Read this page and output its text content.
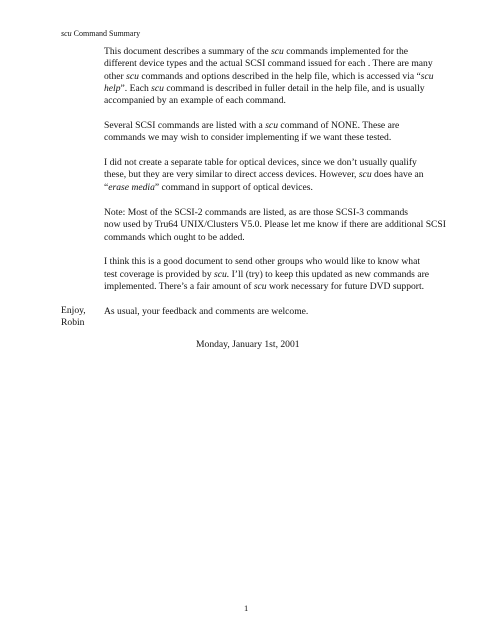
scu Command Summary

This document describes a summary of the scu commands implemented for the
different device types and the actual SCSI command issued for each . There are many
other scu commands and options described in the help file, which is accessed via “scu
help”. Each scu command is described in fuller detail in the help file, and is usually
accompanied by an example of each command.

Several SCSI commands are listed with a scu command of NONE. These are
commands we may wish to consider implementing if we want these tested.

I did not create a separate table for optical devices, since we don’t usually qualify
these, but they are very similar to direct access devices. However, scu does have an
“erase media” command in support of optical devices.

Note: Most of the SCSI-2 commands are listed, as are those SCSI-3 commands
now used by Tru64 UNIX/Clusters V5.0. Please let me know if there are additional SCSI
commands which ought to be added.

I think this is a good document to send other groups who would like to know what
test coverage is provided by scu. I’ll (try) to keep this updated as new commands are
implemented. There’s a fair amount of scu work necessary for future DVD support.

As usual, your feedback and comments are welcome.

Enjoy,
Robin
Monday, January 1st, 2001
1
